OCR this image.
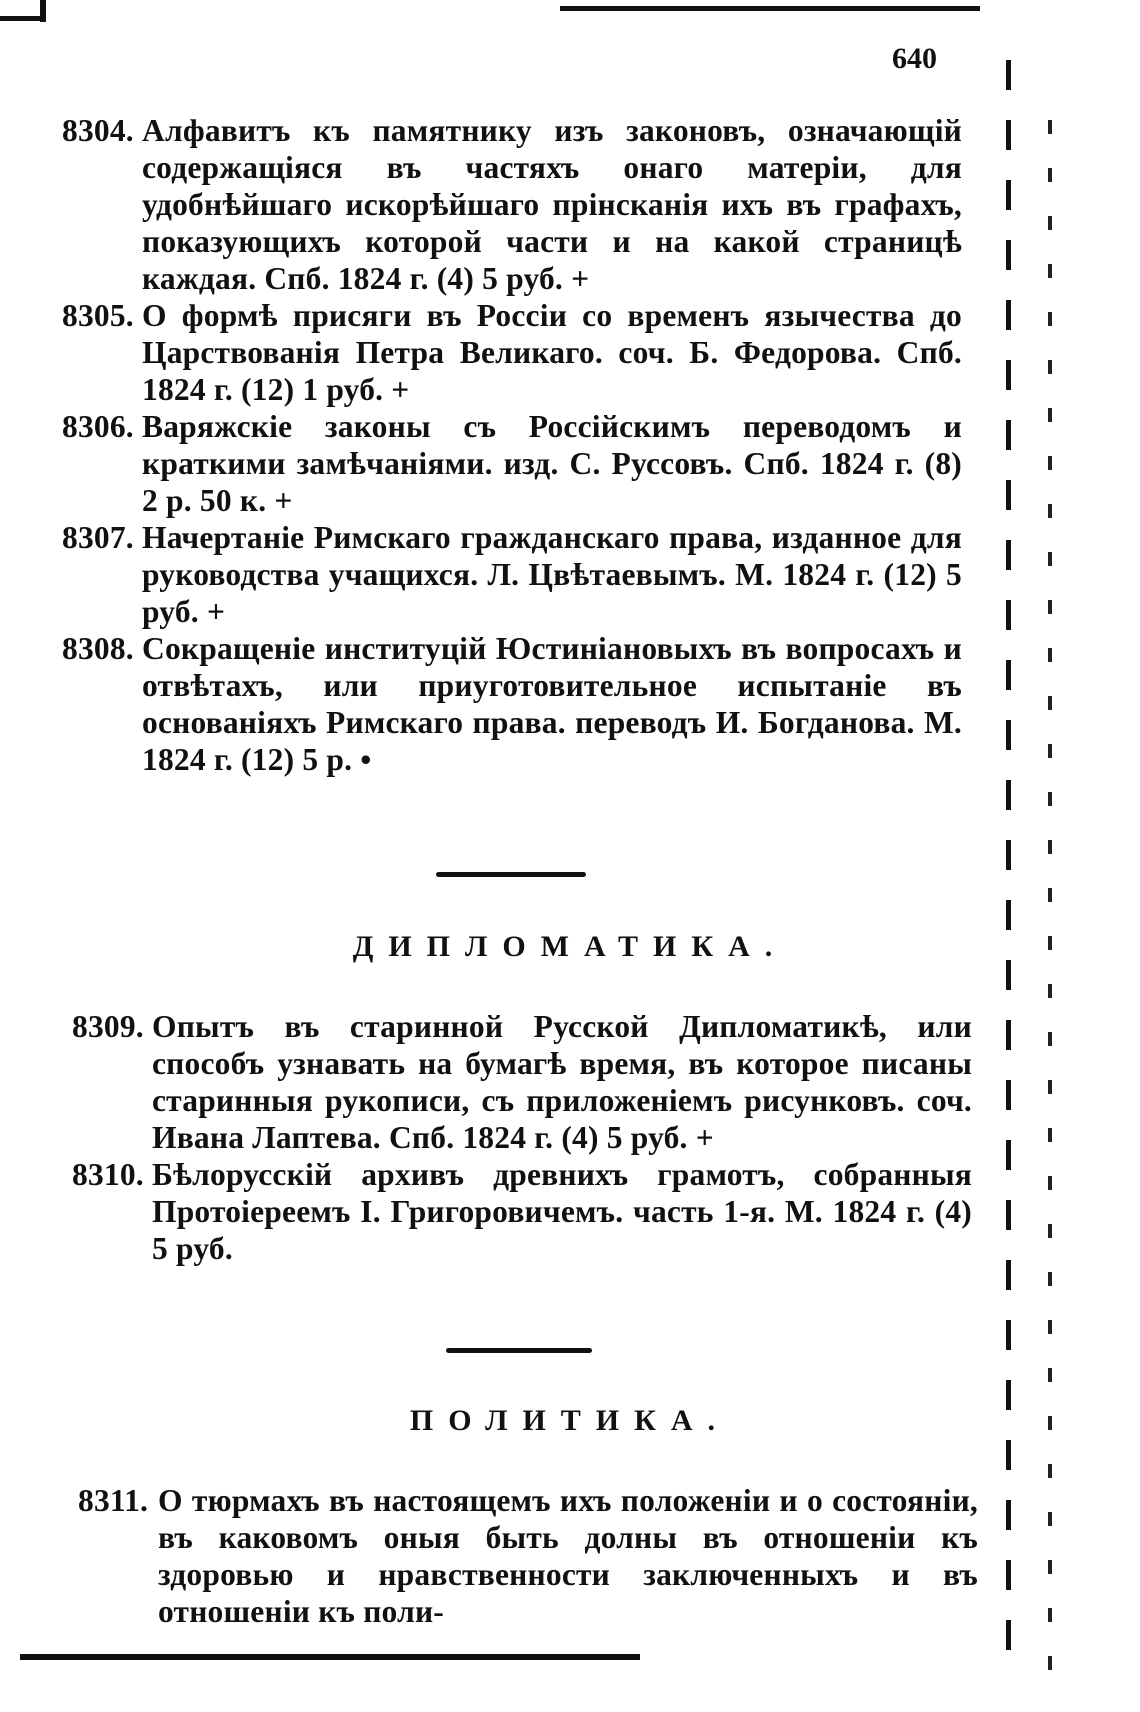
640
8304. Алфавитъ къ памятнику изъ законовъ, означающій содержащіяся въ частяхъ онаго матеріи, для удобнѣйшаго искорѣйшаго прінсканія ихъ въ графахъ, показующихъ которой части и на какой страницѣ каждая. Спб. 1824 г. (4) 5 руб. +
8305. О формѣ присяги въ Россіи со временъ язычества до Царствованія Петра Великаго. соч. Б. Федорова. Спб. 1824 г. (12) 1 руб. +
8306. Варяжскіе законы съ Россійскимъ переводомъ и краткими замѣчаніями. изд. С. Руссовъ. Спб. 1824 г. (8) 2 р. 50 к. +
8307. Начертаніе Римскаго гражданскаго права, изданное для руководства учащихся. Л. Цвѣтаевымъ. М. 1824 г. (12) 5 руб. +
8308. Сокращеніе институцій Юстиніановыхъ въ вопросахъ и отвѣтахъ, или приуготовительное испытаніе въ основаніяхъ Римскаго права. переводъ И. Богданова. М. 1824 г. (12) 5 р. •
ДИПЛОМАТИКА.
8309. Опытъ въ старинной Русской Дипломатикѣ, или способъ узнавать на бумагѣ время, въ которое писаны старинныя рукописи, съ приложеніемъ рисунковъ. соч. Ивана Лаптева. Спб. 1824 г. (4) 5 руб. +
8310. Бѣлорусскій архивъ древнихъ грамотъ, собранныя Протоіереемъ І. Григоровичемъ. часть 1-я. М. 1824 г. (4) 5 руб.
ПОЛИТИКА.
8311. О тюрмахъ въ настоящемъ ихъ положеніи и о состояніи, въ каковомъ оныя быть долны въ отношеніи къ здоровью и нравственности заключенныхъ и въ отношеніи къ поли-
